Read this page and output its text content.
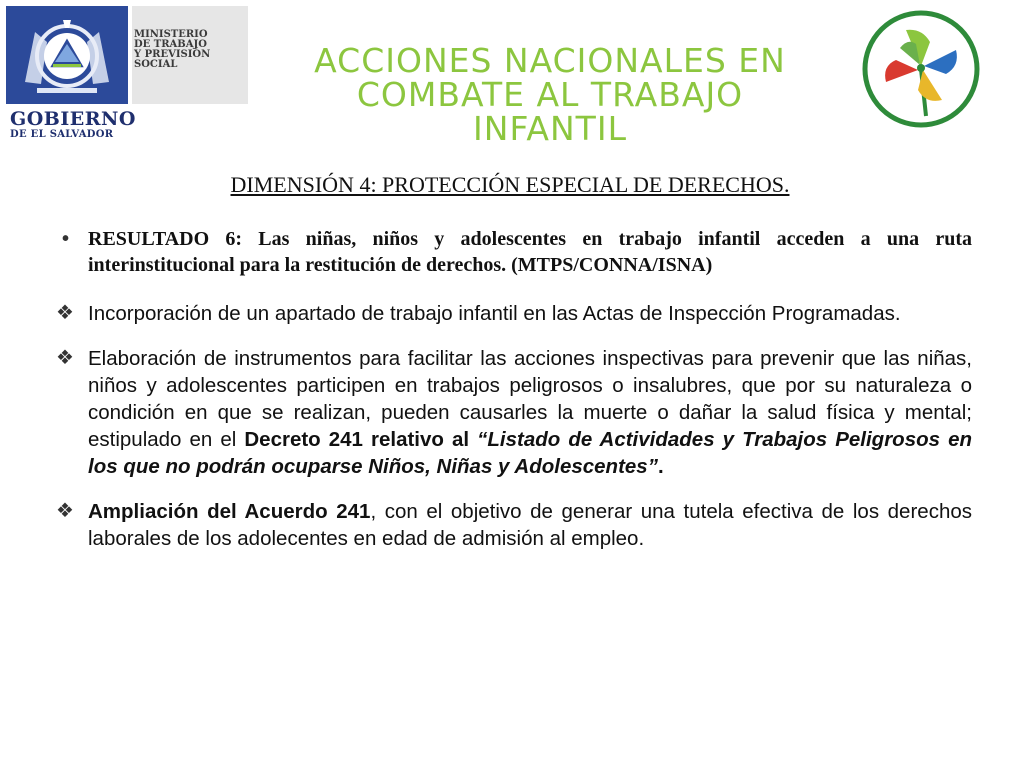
MINISTERIO
DE TRABAJO
Y PREVISIÓN
SOCIAL
GOBIERNO
DE EL SALVADOR
ACCIONES NACIONALES EN
COMBATE AL TRABAJO
INFANTIL
DIMENSIÓN 4: PROTECCIÓN ESPECIAL DE DERECHOS.
• RESULTADO 6: Las niñas, niños y adolescentes en trabajo infantil acceden a una ruta interinstitucional para la restitución de derechos. (MTPS/CONNA/ISNA)
❖ Incorporación de un apartado de trabajo infantil en las Actas de Inspección Programadas.
❖ Elaboración de instrumentos para facilitar las acciones inspectivas para prevenir que las niñas, niños y adolescentes participen en trabajos peligrosos o insalubres, que por su naturaleza o condición en que se realizan, pueden causarles la muerte o dañar la salud física y mental; estipulado en el Decreto 241 relativo al “Listado de Actividades y Trabajos Peligrosos en los que no podrán ocuparse Niños, Niñas y Adolescentes”.
❖ Ampliación del Acuerdo 241, con el objetivo de generar una tutela efectiva de los derechos laborales de los adolecentes en edad de admisión al empleo.
